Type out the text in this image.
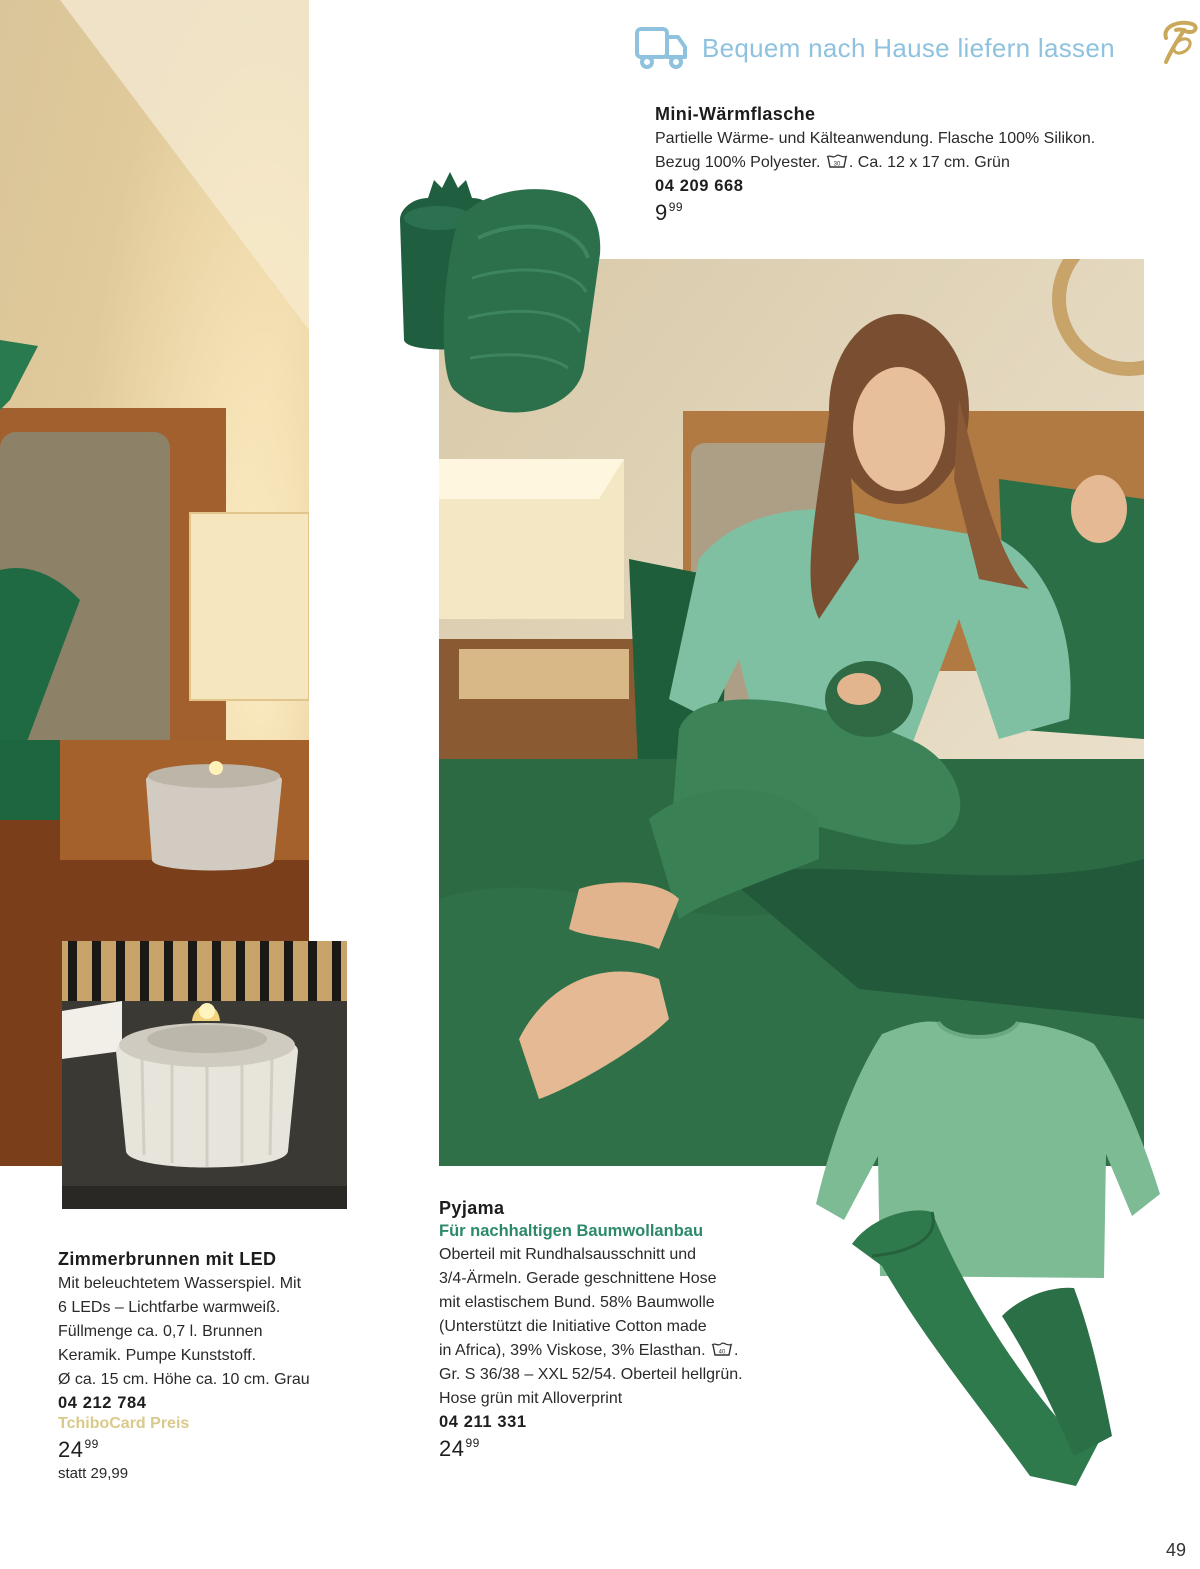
Bequem nach Hause liefern lassen
Mini-Wärmflasche
Partielle Wärme- und Kälteanwendung. Flasche 100% Silikon.
Bezug 100% Polyester. 30 . Ca. 12 x 17 cm. Grün
04 209 668
$9^{99}$
Zimmerbrunnen mit LED
Mit beleuchtetem Wasserspiel. Mit
6 LEDs – Lichtfarbe warmweiß.
Füllmenge ca. 0,7 l. Brunnen
Keramik. Pumpe Kunststoff.
Ø ca. 15 cm. Höhe ca. 10 cm. Grau
04 212 784
TchiboCard Preis
$24^{99}$
statt 29,99
Pyjama
Für nachhaltigen Baumwollanbau
Oberteil mit Rundhalsausschnitt und
3/4-Ärmeln. Gerade geschnittene Hose
mit elastischem Bund. 58% Baumwolle
(Unterstützt die Initiative Cotton made
in Africa), 39% Viskose, 3% Elasthan. 40 .
Gr. S 36/38 – XXL 52/54. Oberteil hellgrün.
Hose grün mit Alloverprint
04 211 331
$24^{99}$
49
